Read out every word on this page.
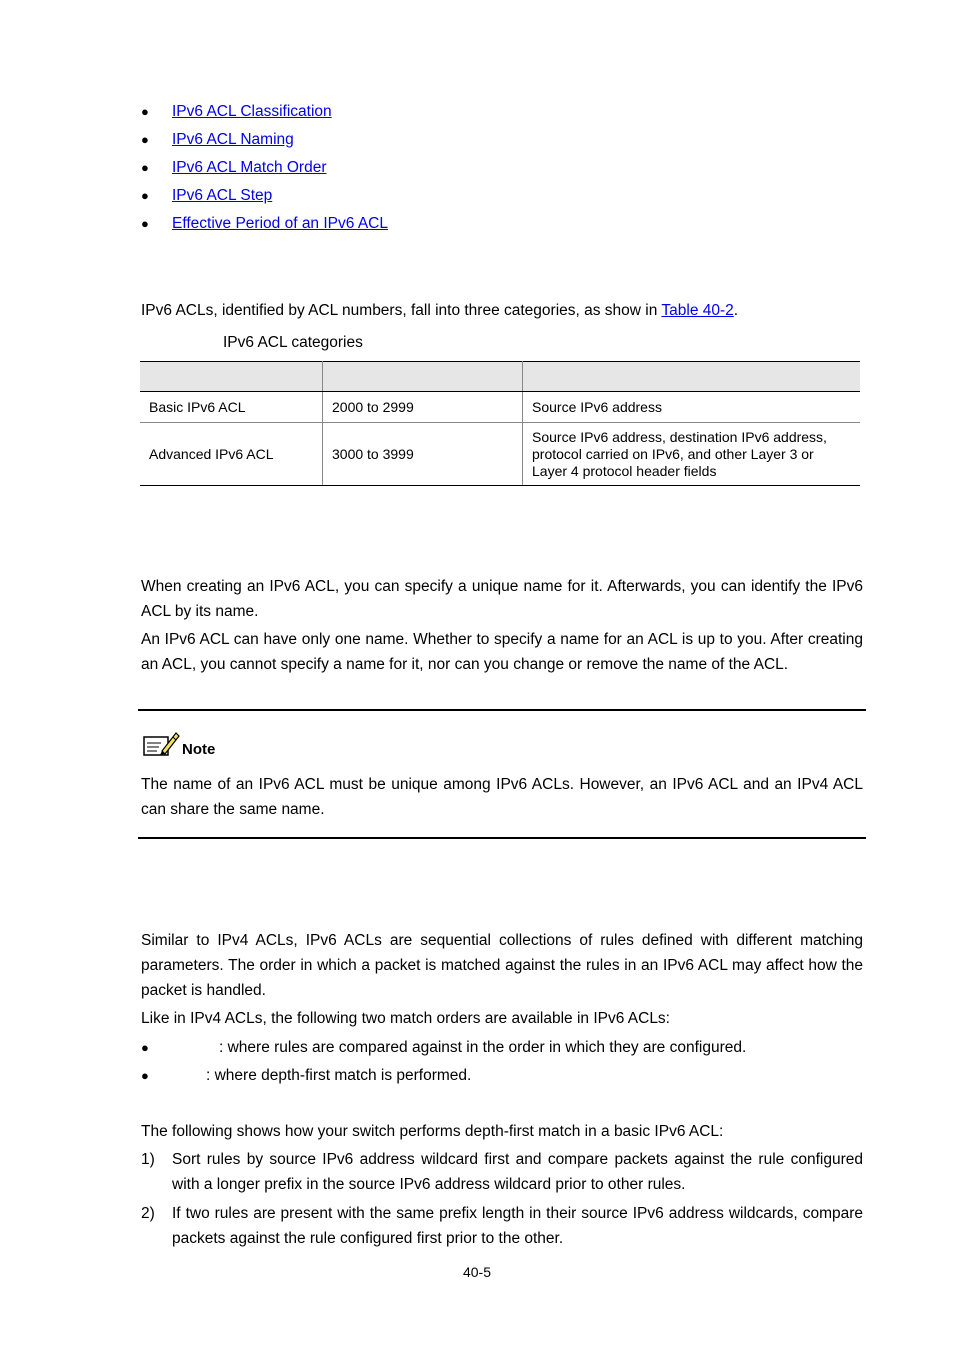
●	IPv6 ACL Classification
●	IPv6 ACL Naming
●	IPv6 ACL Match Order
●	IPv6 ACL Step
●	Effective Period of an IPv6 ACL
IPv6 ACLs, identified by ACL numbers, fall into three categories, as show in Table 40-2.
IPv6 ACL categories

Basic IPv6 ACL	2000 to 2999	Source IPv6 address
Advanced IPv6 ACL	3000 to 3999	Source IPv6 address, destination IPv6 address, protocol carried on IPv6, and other Layer 3 or Layer 4 protocol header fields
When creating an IPv6 ACL, you can specify a unique name for it. Afterwards, you can identify the IPv6 ACL by its name.
An IPv6 ACL can have only one name. Whether to specify a name for an ACL is up to you. After creating an ACL, you cannot specify a name for it, nor can you change or remove the name of the ACL.
Note
The name of an IPv6 ACL must be unique among IPv6 ACLs. However, an IPv6 ACL and an IPv4 ACL can share the same name.
Similar to IPv4 ACLs, IPv6 ACLs are sequential collections of rules defined with different matching parameters. The order in which a packet is matched against the rules in an IPv6 ACL may affect how the packet is handled.
Like in IPv4 ACLs, the following two match orders are available in IPv6 ACLs:
●	: where rules are compared against in the order in which they are configured.
●	: where depth-first match is performed.
The following shows how your switch performs depth-first match in a basic IPv6 ACL:
1) Sort rules by source IPv6 address wildcard first and compare packets against the rule configured with a longer prefix in the source IPv6 address wildcard prior to other rules.
2) If two rules are present with the same prefix length in their source IPv6 address wildcards, compare packets against the rule configured first prior to the other.
40-5
